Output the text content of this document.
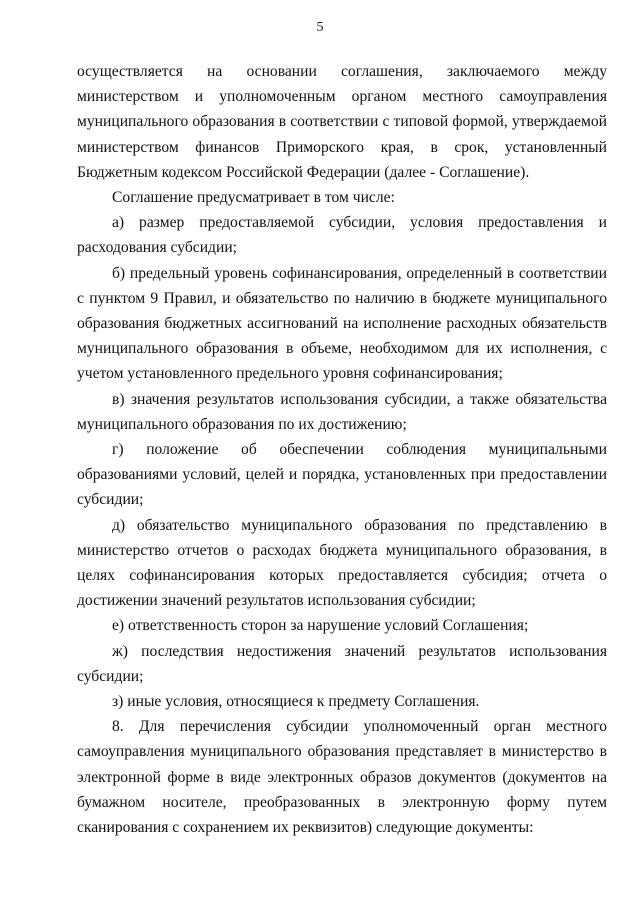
5

осуществляется на основании соглашения, заключаемого между министерством и уполномоченным органом местного самоуправления муниципального образования в соответствии с типовой формой, утверждаемой министерством финансов Приморского края, в срок, установленный Бюджетным кодексом Российской Федерации (далее - Соглашение).

Соглашение предусматривает в том числе:

а) размер предоставляемой субсидии, условия предоставления и расходования субсидии;

б) предельный уровень софинансирования, определенный в соответствии с пунктом 9 Правил, и обязательство по наличию в бюджете муниципального образования бюджетных ассигнований на исполнение расходных обязательств муниципального образования в объеме, необходимом для их исполнения, с учетом установленного предельного уровня софинансирования;

в) значения результатов использования субсидии, а также обязательства муниципального образования по их достижению;

г) положение об обеспечении соблюдения муниципальными образованиями условий, целей и порядка, установленных при предоставлении субсидии;

д) обязательство муниципального образования по представлению в министерство отчетов о расходах бюджета муниципального образования, в целях софинансирования которых предоставляется субсидия; отчета о достижении значений результатов использования субсидии;

е) ответственность сторон за нарушение условий Соглашения;

ж) последствия недостижения значений результатов использования субсидии;

з) иные условия, относящиеся к предмету Соглашения.

8. Для перечисления субсидии уполномоченный орган местного самоуправления муниципального образования представляет в министерство в электронной форме в виде электронных образов документов (документов на бумажном носителе, преобразованных в электронную форму путем сканирования с сохранением их реквизитов) следующие документы:
